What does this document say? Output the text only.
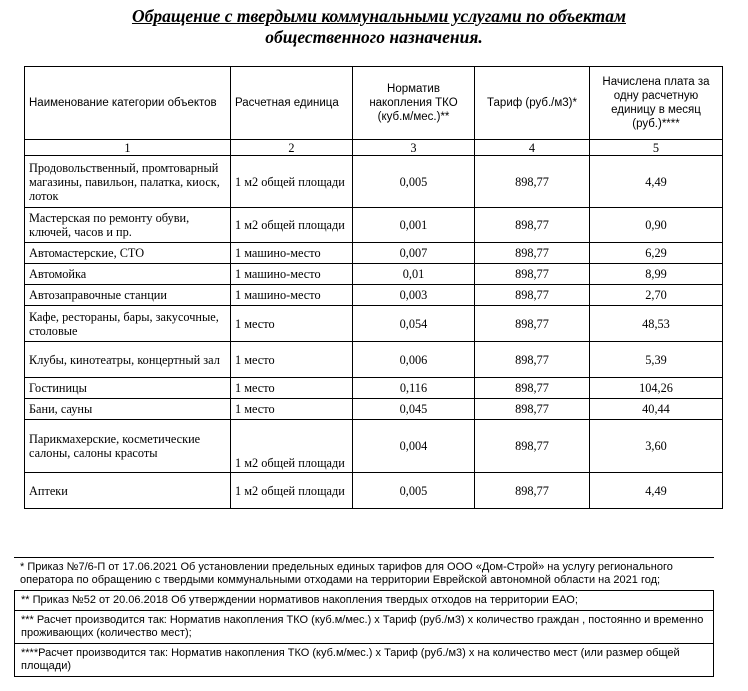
Обращение с твердыми коммунальными услугами по объектам
общественного назначения.
Наименование категории объектов	Расчетная единица	Норматив накопления ТКО (куб.м/мес.)**	Тариф (руб./м3)*	Начислена плата за одну расчетную единицу в месяц (руб.)****
1	2	3	4	5
Продовольственный, промтоварный магазины, павильон, палатка, киоск, лоток	1 м2 общей площади	0,005	898,77	4,49
Мастерская по ремонту обуви, ключей, часов и пр.	1 м2 общей площади	0,001	898,77	0,90
Автомастерские, СТО	1 машино-место	0,007	898,77	6,29
Автомойка	1 машино-место	0,01	898,77	8,99
Автозаправочные станции	1 машино-место	0,003	898,77	2,70
Кафе, рестораны, бары, закусочные, столовые	1 место	0,054	898,77	48,53
Клубы, кинотеатры, концертный зал	1 место	0,006	898,77	5,39
Гостиницы	1 место	0,116	898,77	104,26
Бани, сауны	1 место	0,045	898,77	40,44
Парикмахерские, косметические салоны, салоны красоты	1 м2 общей площади	0,004	898,77	3,60
Аптеки	1 м2 общей площади	0,005	898,77	4,49
* Приказ №7/6-П от 17.06.2021 Об установлении предельных единых тарифов для ООО «Дом-Строй» на услугу регионального оператора по обращению с твердыми коммунальными отходами на территории Еврейской автономной области на 2021 год;
** Приказ №52 от 20.06.2018 Об утверждении нормативов накопления твердых отходов на территории ЕАО;
*** Расчет производится так: Норматив накопления ТКО (куб.м/мес.) х Тариф (руб./м3) х количество граждан , постоянно и временно проживающих (количество мест);
****Расчет производится так: Норматив накопления ТКО (куб.м/мес.) х Тариф (руб./м3) х на количество мест (или размер общей площади)
